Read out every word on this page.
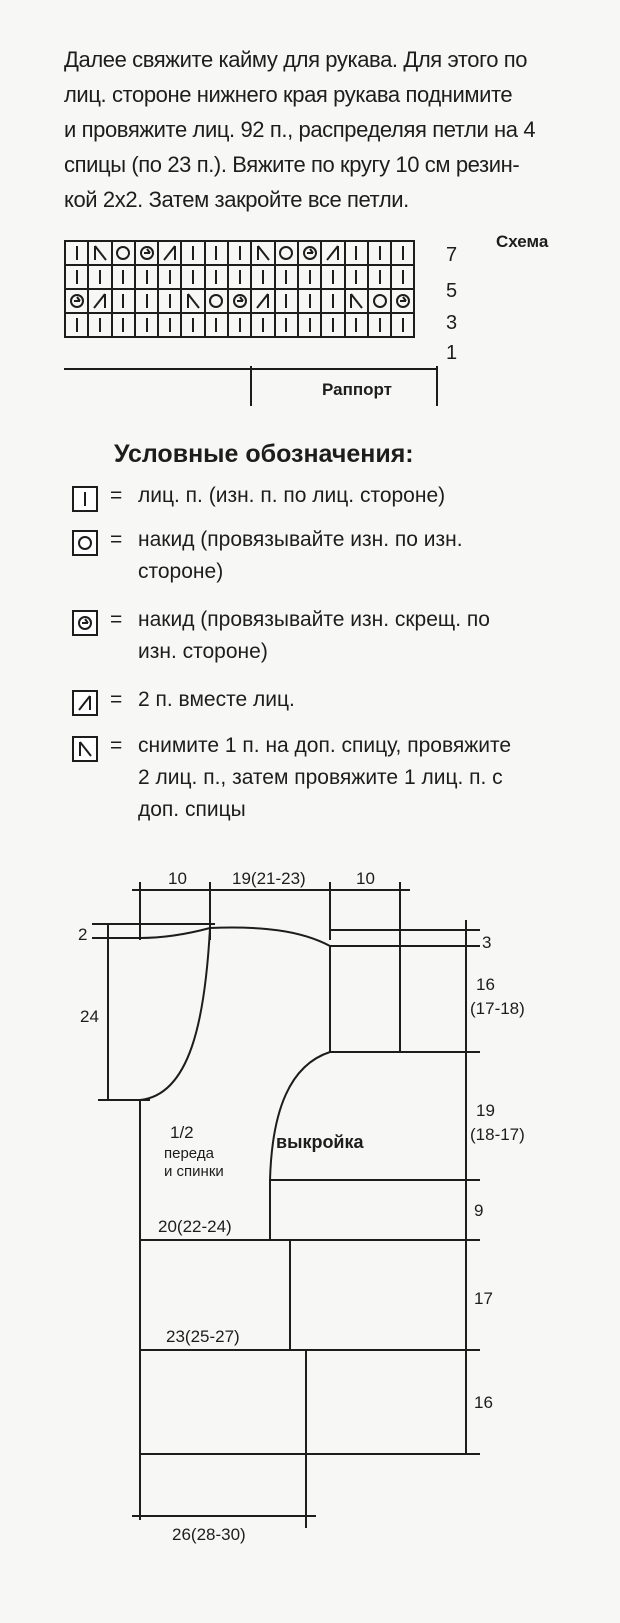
Далее свяжите кайму для рукава. Для этого по
лиц. стороне нижнего края рукава поднимите
и провяжите лиц. 92 п., распределяя петли на 4
спицы (по 23 п.). Вяжите по кругу 10 см резин-
кой 2х2. Затем закройте все петли.
Схема

7
5
3
1
Раппорт
Условные обозначения:
= лиц. п. (изн. п. по лиц. стороне)
= накид (провязывайте изн. по изн.
стороне)
= накид (провязывайте изн. скрещ. по
изн. стороне)
= 2 п. вместе лиц.
= снимите 1 п. на доп. спицу, провяжите
2 лиц. п., затем провяжите 1 лиц. п. с
доп. спицы
10	19(21-23)	10
2
24
3
16
(17-18)
19
(18-17)
9
17
16
1/2
переда
и спинки
выкройка
20(22-24)
23(25-27)
26(28-30)
